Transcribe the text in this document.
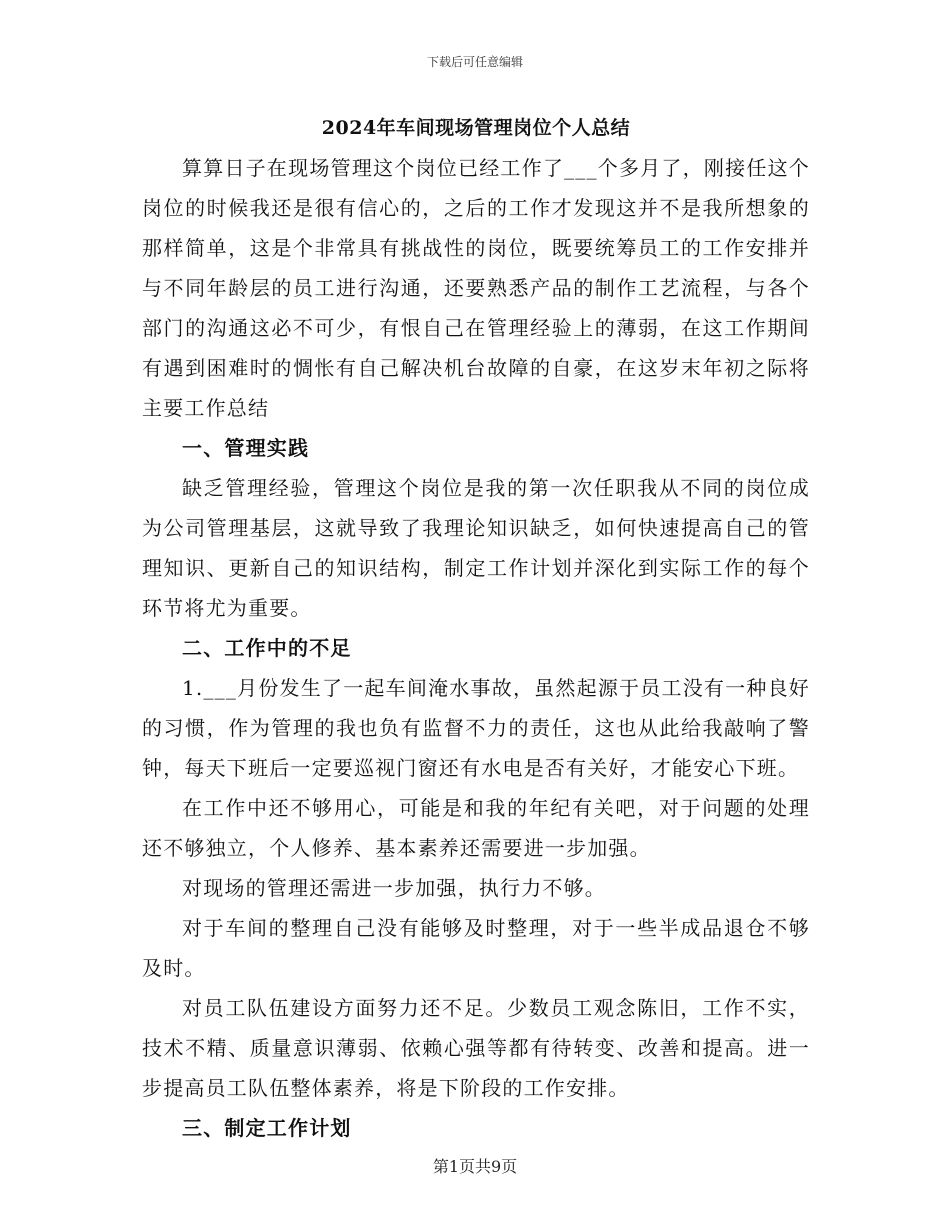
下载后可任意编辑
2024年车间现场管理岗位个人总结

算算日子在现场管理这个岗位已经工作了___个多月了，刚接任这个岗位的时候我还是很有信心的，之后的工作才发现这并不是我所想象的那样简单，这是个非常具有挑战性的岗位，既要统筹员工的工作安排并与不同年龄层的员工进行沟通，还要熟悉产品的制作工艺流程，与各个部门的沟通这必不可少，有恨自己在管理经验上的薄弱，在这工作期间有遇到困难时的惆怅有自己解决机台故障的自豪，在这岁末年初之际将主要工作总结

一、管理实践

缺乏管理经验，管理这个岗位是我的第一次任职我从不同的岗位成为公司管理基层，这就导致了我理论知识缺乏，如何快速提高自己的管理知识、更新自己的知识结构，制定工作计划并深化到实际工作的每个环节将尤为重要。

二、工作中的不足

1.___月份发生了一起车间淹水事故，虽然起源于员工没有一种良好的习惯，作为管理的我也负有监督不力的责任，这也从此给我敲响了警钟，每天下班后一定要巡视门窗还有水电是否有关好，才能安心下班。

在工作中还不够用心，可能是和我的年纪有关吧，对于问题的处理还不够独立，个人修养、基本素养还需要进一步加强。

对现场的管理还需进一步加强，执行力不够。

对于车间的整理自己没有能够及时整理，对于一些半成品退仓不够及时。

对员工队伍建设方面努力还不足。少数员工观念陈旧，工作不实，技术不精、质量意识薄弱、依赖心强等都有待转变、改善和提高。进一步提高员工队伍整体素养，将是下阶段的工作安排。

三、制定工作计划
第1页共9页
